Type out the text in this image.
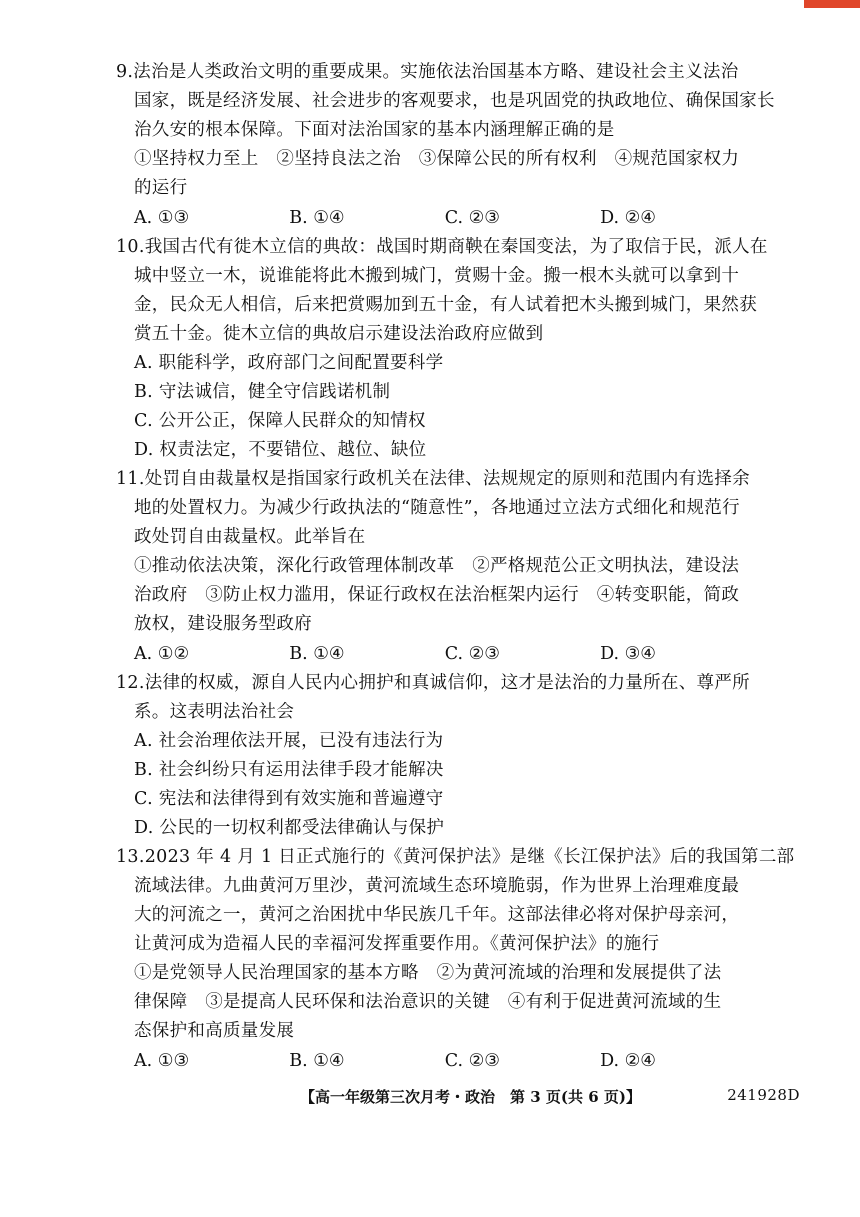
9.法治是人类政治文明的重要成果。实施依法治国基本方略、建设社会主义法治
国家，既是经济发展、社会进步的客观要求，也是巩固党的执政地位、确保国家长
治久安的根本保障。下面对法治国家的基本内涵理解正确的是
①坚持权力至上　②坚持良法之治　③保障公民的所有权利　④规范国家权力
的运行
A. ①③	B. ①④	C. ②③	D. ②④
10.我国古代有徙木立信的典故：战国时期商鞅在秦国变法，为了取信于民，派人在
城中竖立一木，说谁能将此木搬到城门，赏赐十金。搬一根木头就可以拿到十
金，民众无人相信，后来把赏赐加到五十金，有人试着把木头搬到城门，果然获
赏五十金。徙木立信的典故启示建设法治政府应做到
A. 职能科学，政府部门之间配置要科学
B. 守法诚信，健全守信践诺机制
C. 公开公正，保障人民群众的知情权
D. 权责法定，不要错位、越位、缺位
11.处罚自由裁量权是指国家行政机关在法律、法规规定的原则和范围内有选择余
地的处置权力。为减少行政执法的“随意性”，各地通过立法方式细化和规范行
政处罚自由裁量权。此举旨在
①推动依法决策，深化行政管理体制改革　②严格规范公正文明执法，建设法
治政府　③防止权力滥用，保证行政权在法治框架内运行　④转变职能，简政
放权，建设服务型政府
A. ①②	B. ①④	C. ②③	D. ③④
12.法律的权威，源自人民内心拥护和真诚信仰，这才是法治的力量所在、尊严所
系。这表明法治社会
A. 社会治理依法开展，已没有违法行为
B. 社会纠纷只有运用法律手段才能解决
C. 宪法和法律得到有效实施和普遍遵守
D. 公民的一切权利都受法律确认与保护
13.2023 年 4 月 1 日正式施行的《黄河保护法》是继《长江保护法》后的我国第二部
流域法律。九曲黄河万里沙，黄河流域生态环境脆弱，作为世界上治理难度最
大的河流之一，黄河之治困扰中华民族几千年。这部法律必将对保护母亲河，
让黄河成为造福人民的幸福河发挥重要作用。《黄河保护法》的施行
①是党领导人民治理国家的基本方略　②为黄河流域的治理和发展提供了法
律保障　③是提高人民环保和法治意识的关键　④有利于促进黄河流域的生
态保护和高质量发展
A. ①③	B. ①④	C. ②③	D. ②④
【高一年级第三次月考・政治　第 3 页(共 6 页)】	241928D
